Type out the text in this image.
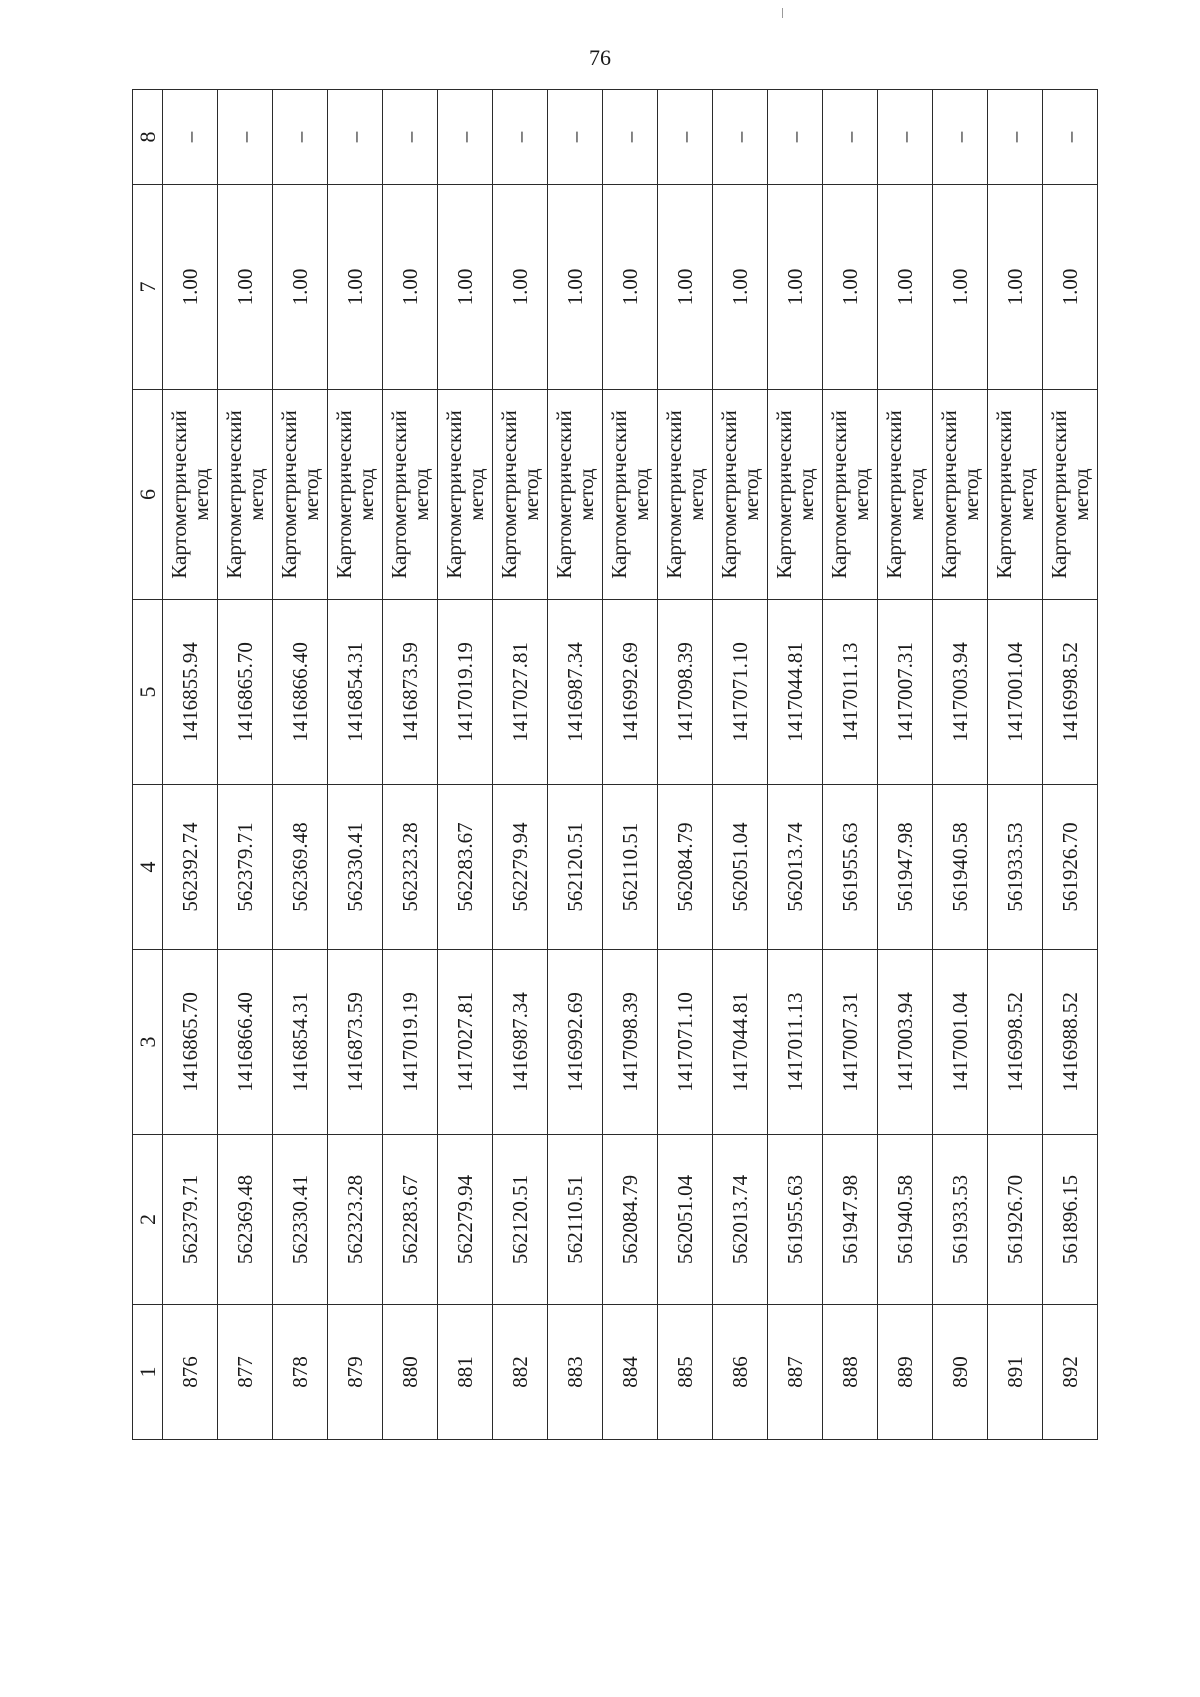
76
1	2	3	4	5	6	7	8
876	562379.71	1416865.70	562392.74	1416855.94	Картометрический
метод	1.00	–
877	562369.48	1416866.40	562379.71	1416865.70	Картометрический
метод	1.00	–
878	562330.41	1416854.31	562369.48	1416866.40	Картометрический
метод	1.00	–
879	562323.28	1416873.59	562330.41	1416854.31	Картометрический
метод	1.00	–
880	562283.67	1417019.19	562323.28	1416873.59	Картометрический
метод	1.00	–
881	562279.94	1417027.81	562283.67	1417019.19	Картометрический
метод	1.00	–
882	562120.51	1416987.34	562279.94	1417027.81	Картометрический
метод	1.00	–
883	562110.51	1416992.69	562120.51	1416987.34	Картометрический
метод	1.00	–
884	562084.79	1417098.39	562110.51	1416992.69	Картометрический
метод	1.00	–
885	562051.04	1417071.10	562084.79	1417098.39	Картометрический
метод	1.00	–
886	562013.74	1417044.81	562051.04	1417071.10	Картометрический
метод	1.00	–
887	561955.63	1417011.13	562013.74	1417044.81	Картометрический
метод	1.00	–
888	561947.98	1417007.31	561955.63	1417011.13	Картометрический
метод	1.00	–
889	561940.58	1417003.94	561947.98	1417007.31	Картометрический
метод	1.00	–
890	561933.53	1417001.04	561940.58	1417003.94	Картометрический
метод	1.00	–
891	561926.70	1416998.52	561933.53	1417001.04	Картометрический
метод	1.00	–
892	561896.15	1416988.52	561926.70	1416998.52	Картометрический
метод	1.00	–
